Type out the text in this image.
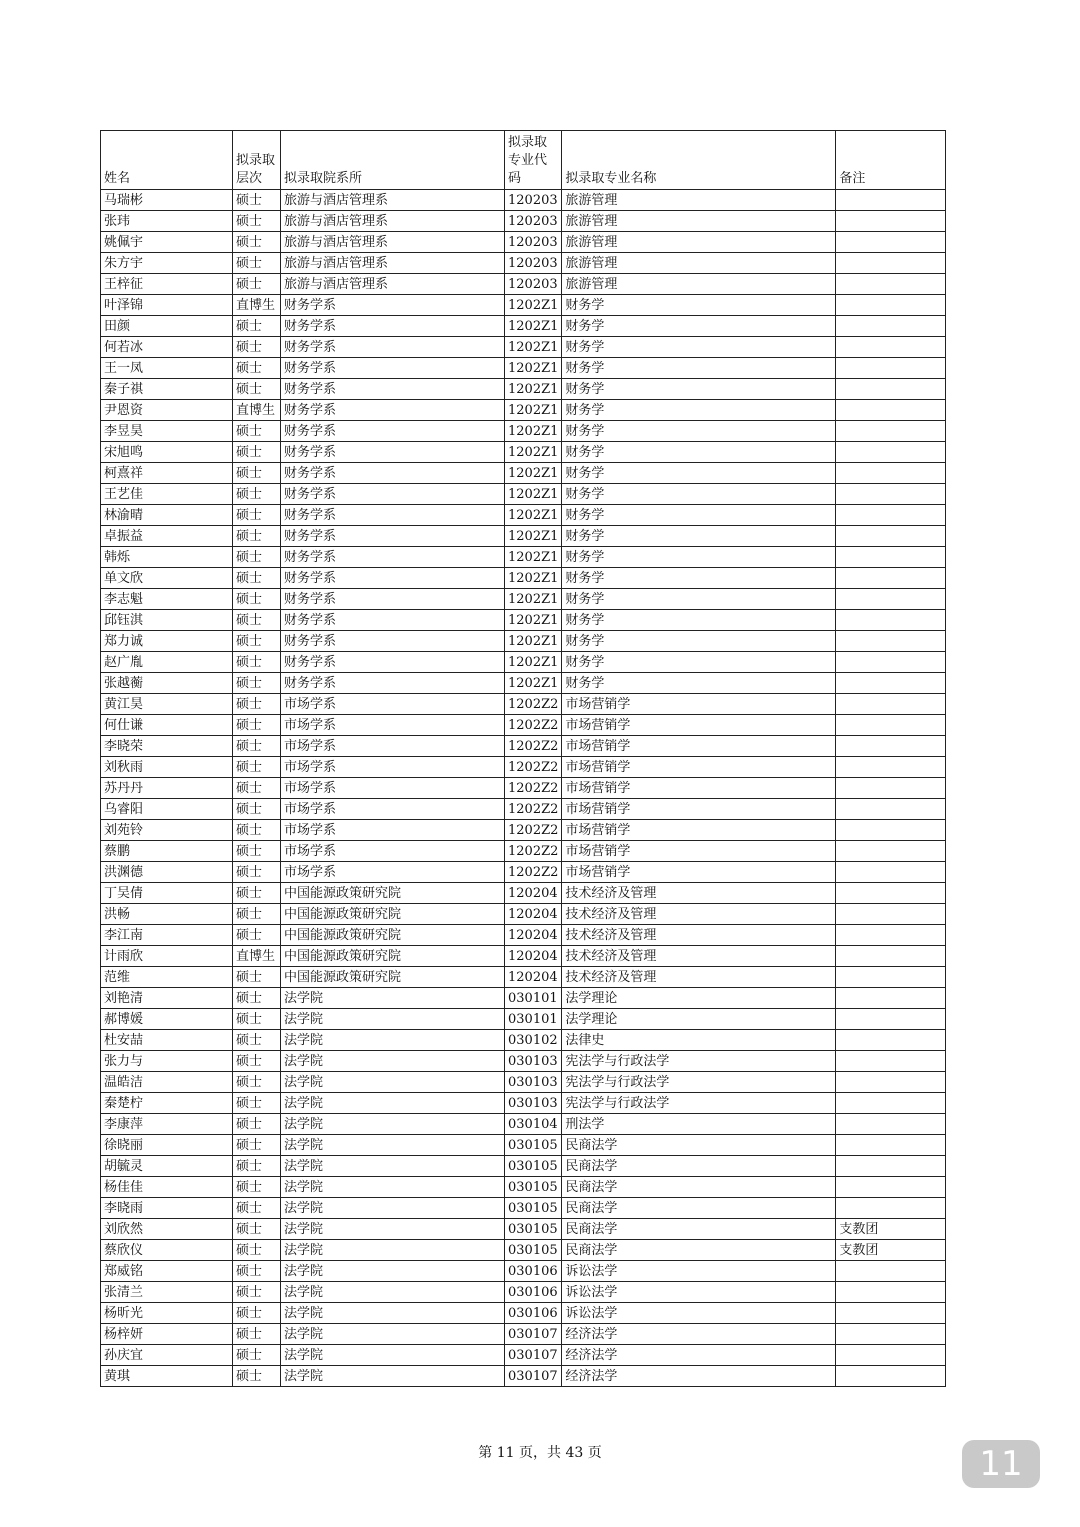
姓名	拟录取层次	拟录取院系所	拟录取专业代码	拟录取专业名称	备注
马瑞彬	硕士	旅游与酒店管理系	120203	旅游管理	
张玮	硕士	旅游与酒店管理系	120203	旅游管理	
姚佩宇	硕士	旅游与酒店管理系	120203	旅游管理	
朱方宇	硕士	旅游与酒店管理系	120203	旅游管理	
王梓征	硕士	旅游与酒店管理系	120203	旅游管理	
叶泽锦	直博生	财务学系	1202Z1	财务学	
田颜	硕士	财务学系	1202Z1	财务学	
何若冰	硕士	财务学系	1202Z1	财务学	
王一凤	硕士	财务学系	1202Z1	财务学	
秦子祺	硕士	财务学系	1202Z1	财务学	
尹恩资	直博生	财务学系	1202Z1	财务学	
李昱昊	硕士	财务学系	1202Z1	财务学	
宋旭鸣	硕士	财务学系	1202Z1	财务学	
柯熹祥	硕士	财务学系	1202Z1	财务学	
王艺佳	硕士	财务学系	1202Z1	财务学	
林渝晴	硕士	财务学系	1202Z1	财务学	
卓振益	硕士	财务学系	1202Z1	财务学	
韩烁	硕士	财务学系	1202Z1	财务学	
单文欣	硕士	财务学系	1202Z1	财务学	
李志魁	硕士	财务学系	1202Z1	财务学	
邱钰淇	硕士	财务学系	1202Z1	财务学	
郑力诚	硕士	财务学系	1202Z1	财务学	
赵广胤	硕士	财务学系	1202Z1	财务学	
张越蘅	硕士	财务学系	1202Z1	财务学	
黄江昊	硕士	市场学系	1202Z2	市场营销学	
何仕谦	硕士	市场学系	1202Z2	市场营销学	
李晓荣	硕士	市场学系	1202Z2	市场营销学	
刘秋雨	硕士	市场学系	1202Z2	市场营销学	
苏丹丹	硕士	市场学系	1202Z2	市场营销学	
乌睿阳	硕士	市场学系	1202Z2	市场营销学	
刘苑铃	硕士	市场学系	1202Z2	市场营销学	
蔡鹏	硕士	市场学系	1202Z2	市场营销学	
洪渊德	硕士	市场学系	1202Z2	市场营销学	
丁吴倩	硕士	中国能源政策研究院	120204	技术经济及管理	
洪畅	硕士	中国能源政策研究院	120204	技术经济及管理	
李江南	硕士	中国能源政策研究院	120204	技术经济及管理	
计雨欣	直博生	中国能源政策研究院	120204	技术经济及管理	
范维	硕士	中国能源政策研究院	120204	技术经济及管理	
刘艳清	硕士	法学院	030101	法学理论	
郝博媛	硕士	法学院	030101	法学理论	
杜安喆	硕士	法学院	030102	法律史	
张力与	硕士	法学院	030103	宪法学与行政法学	
温皓洁	硕士	法学院	030103	宪法学与行政法学	
秦楚柠	硕士	法学院	030103	宪法学与行政法学	
李康萍	硕士	法学院	030104	刑法学	
徐晓丽	硕士	法学院	030105	民商法学	
胡毓灵	硕士	法学院	030105	民商法学	
杨佳佳	硕士	法学院	030105	民商法学	
李晓雨	硕士	法学院	030105	民商法学	
刘欣然	硕士	法学院	030105	民商法学	支教团
蔡欣仪	硕士	法学院	030105	民商法学	支教团
郑威铭	硕士	法学院	030106	诉讼法学	
张清兰	硕士	法学院	030106	诉讼法学	
杨昕光	硕士	法学院	030106	诉讼法学	
杨梓妍	硕士	法学院	030107	经济法学	
孙庆宜	硕士	法学院	030107	经济法学	
黄琪	硕士	法学院	030107	经济法学	
第 11 页，共 43 页	11
